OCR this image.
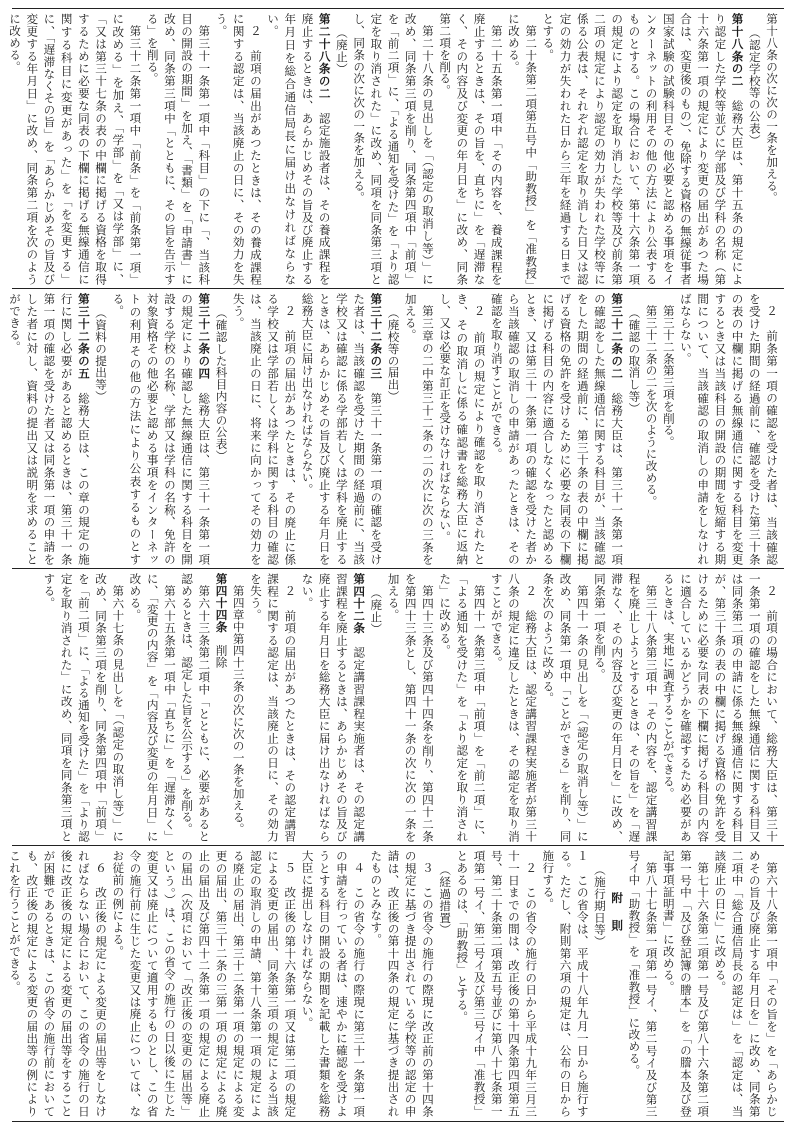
第十八条の次に次の一条を加える。

（認定学校等の公表）

第十八条の二　総務大臣は、第十五条の規定により認定した学校等並びに学部及び学科の名称（第十六条第一項の規定により変更の届出があつた場合は、変更後のもの）、免除する資格の無線従事者国家試験の試験科目その他必要と認める事項をインターネットの利用その他の方法により公表するものとする。この場合において、第十六条第一項の規定により認定を取り消した学校等及び前条第二項の規定により認定の効力が失われた学校等に係る公表は、それぞれ認定を取り消した日又は認定の効力が失われた日から三年を経過する日までとする。

第二十条第二項第五号中「助教授」を「准教授」に改める。

第二十五条第一項中「その内容を、養成課程を廃止するときは、その旨を、直ちに」を「遅滞なく、その内容及び変更の年月日を」に改め、同条第二項を削る。

第二十八条の見出しを「（認定の取消し等）」に改め、同条第三項を削り、同条第四項中「前項」を「前二項」に、「よる通知を受けた」を「より認定を取り消された」に改め、同項を同条第三項とし、同条の次に次の一条を加える。

（廃止）

第二十八条の二　認定施設者は、その養成課程を廃止するときは、あらかじめその旨及び廃止する年月日を総合通信局長に届け出なければならない。

２　前項の届出があつたときは、その養成課程に関する認定は、当該廃止の日に、その効力を失う。

第三十一条第一項中「科目」の下に「、当該科目の開設の期間」を加え、「書類」を「申請書」に改め、同条第三項中「とともに、その旨を告示する」を削る。

第三十二条第一項中「前条」を「前条第一項」に改める」を加え、「学部」を「又は学部」に、「又は第三十七条の表の中欄に掲げる資格を取得するために必要な同表の下欄に掲げる無線通信に関する科目に変更があった」を「を変更する」に、「遅滞なくその旨」を「あらかじめその旨及び変更する年月日」に改め、同条第二項を次のように改める。

２　前条第一項の確認を受けた者は、当該確認を受けた期間の経過前に、確認を受けた第三十条の表の中欄に掲げる無線通信に関する科目を変更するとき又は当該科目の開設の期間を短縮する期間について、当該確認の取消しの申請をしなければならない。

第三十二条第三項を削る。

第三十二条の二を次のように改める。

（確認の取消し等）

第三十二条の二　総務大臣は、第三十一条第一項の確認をした無線通信に関する科目が、当該確認をした期間の経過前に、第三十条の表の中欄に掲げる資格の免許を受けるために必要な同表の下欄に掲げる科目の内容に適合しなくなったと認めるとき、又は第三十一条第一項の確認を受けた者から当該確認の取消しの申請があったときは、その確認を取り消すことができる。

２　前項の規定により確認を取り消されたとき、その取消しに係る確認書を総務大臣に返納し、又は必要な訂正を受けなければならない。

第三章の二中第三十二条の二の次に次の三条を加える。

（廃校等の届出）

第三十二条の三　第三十一条第一項の確認を受けた者は、当該確認を受けた期間の経過前に、当該学校又は確認に係る学部若しくは学科を廃止するときは、あらかじめその旨及び廃止する年月日を総務大臣に届け出なければならない。

２　前項の届出があつたときは、その廃止に係る学校又は学部若しくは学科に関する科目の確認は、当該廃止の日に、将来に向かってその効力を失う。

（確認した科目内容の公表）

第三十二条の四　総務大臣は、第三十一条第一項の規定により確認した無線通信に関する科目を開設する学校の名称、学部又は学科の名称、免許の対象資格その他必要と認める事項をインターネットの利用その他の方法により公表するものとする。

（資料の提出等）

第三十二条の五　総務大臣は、この章の規定の施行に関し必要があると認めるときは、第三十一条第一項の確認を受けた者又は同条第一項の申請をした者に対し、資料の提出又は説明を求めることができる。

２　前項の場合において、総務大臣は、第三十一条第一項の確認をした無線通信に関する科目又は同条第二項の申請に係る無線通信に関する科目が、第三十条の表の中欄に掲げる資格の免許を受けるために必要な同表の下欄に掲げる科目の内容に適合しているかどうかを確認するため必要があるときは、実地に調査することができる。

第三十八条第三項中「その内容を、認定講習課程を廃止しようとするときは、その旨を」を「遅滞なく、その内容及び変更の年月日を」に改め、同条第一項を削る。

第四十一条の見出しを「（認定の取消し等）」に改め、同条第一項中「ことができる」を削り、同条を次のように改める。

２　総務大臣は、認定講習課程実施者が第三十八条の規定に違反したときは、その認定を取り消すことができる。

第四十一条第三項中「前項」を「前二項」に、「よる通知を受けた」を「より認定を取り消された」に改める。

第四十三条及び第四十四条を削り、第四十二条を第四十三条とし、第四十一条の次に次の一条を加える。

（廃止）

第四十二条　認定講習課程実施者は、その認定講習課程を廃止するときは、あらかじめその旨及び廃止する年月日を総務大臣に届け出なければならない。

２　前項の届出があつたときは、その認定講習課程に関する認定は、当該廃止の日に、その効力を失う。

第四章中第四十三条の次に次の一条を加える。

第四十四条　削除

第六十三条第二項中「とともに、必要があると認めるときは、認定した旨を公示する」を削る。

第六十五条第一項中「直ちに」を「遅滞なく」に、「変更の内容」を「内容及び変更の年月日」に改める。

第六十七条の見出しを「（認定の取消し等）」に改め、同条第三項を削り、同条第四項中「前項」を「前二項」に、「よる通知を受けた」を「より認定を取り消された」に改め、同項を同条第三項とする。

第六十八条第一項中「その旨を」を「あらかじめその旨及び廃止する年月日を」に改め、同条第二項中「総合通信局長の認定は」を「認定は、当該廃止の日に」に改める。

第七十六条第二項第一号及び第八十六条第二項第一号中「及び登記簿の謄本」を「の謄本及び登記事項証明書」に改める。

第八十七条第一項第一号イ、第二号イ及び第三号イ中「助教授」を「准教授」に改める。

附　則

（施行期日等）

１　この省令は、平成十八年九月一日から施行する。ただし、附則第六項の規定は、公布の日から施行する。

２　この省令の施行の日から平成十九年三月三十一日までの間は、改正後の第十四条第四項第五号、第二十条第二項第五号並びに第八十七条第一項第一号イ、第二号イ及び第三号イ中「准教授」とあるのは、「助教授」とする。

（経過措置）

３　この省令の施行の際現に改正前の第十四条の規定に基づき提出されている学校等の認定の申請は、改正後の第十四条の規定に基づき提出されたものとみなす。

４　この省令の施行の際現に第三十一条第一項の申請を行っている者は、速やかに確認を受けようとする科目の開設の期間を記載した書類を総務大臣に提出しなければならない。

５　改正後の第十六条第一項又は第二項の規定による変更の届出、同条第三項の規定による当該認定の取消しの申請、第十八条第一項の規定による廃止の届出、第三十二条第一項の規定による変更の届出、第三十二条の三第一項の規定による廃止の届出及び第四十二条第一項の規定による廃止の届出（次項において「改正後の変更の届出等」という。）は、この省令の施行の日以後に生じた変更又は廃止について適用するものとし、この省令の施行前に生じた変更又は廃止については、なお従前の例による。

６　改正後の規定による変更の届出等をしなければならない場合において、この省令の施行の日後に改正後の規定による変更の届出等をすることが困難であるときは、この省令の施行前においても、改正後の規定による変更の届出等の例によりこれを行うことができる。
